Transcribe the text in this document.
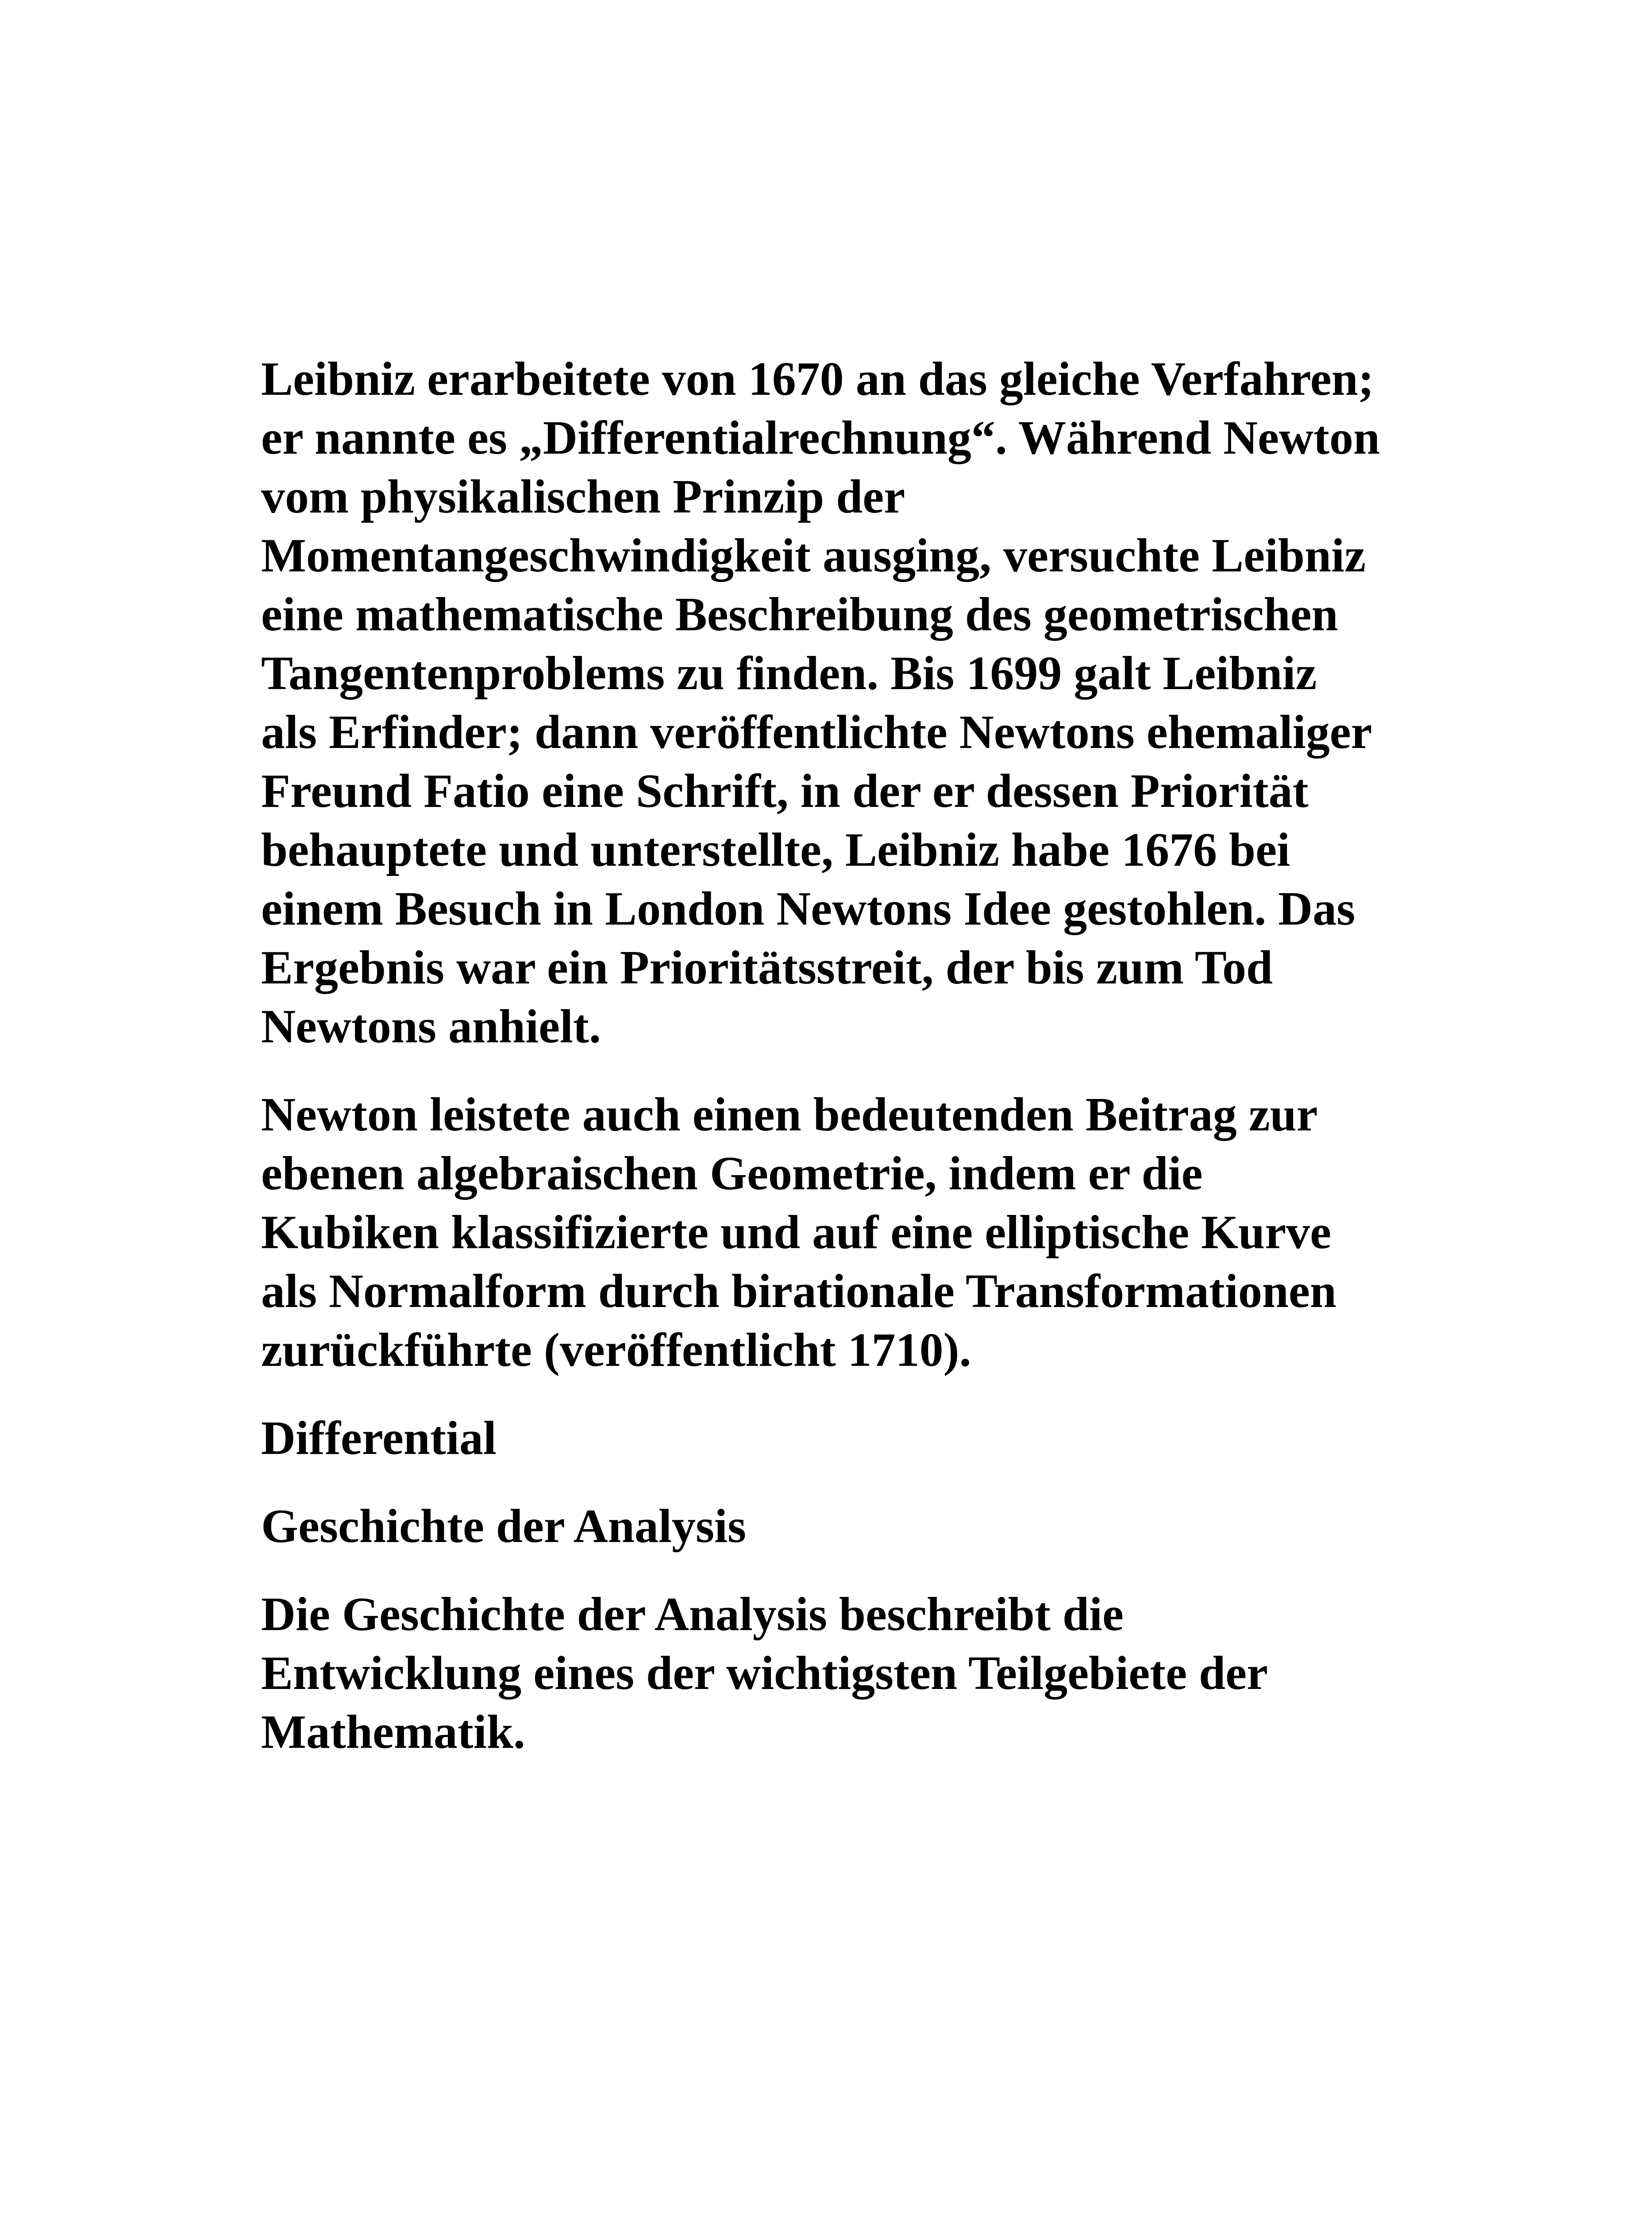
Leibniz erarbeitete von 1670 an das gleiche Verfahren;
er nannte es „Differentialrechnung“. Während Newton
vom physikalischen Prinzip der
Momentangeschwindigkeit ausging, versuchte Leibniz
eine mathematische Beschreibung des geometrischen
Tangentenproblems zu finden. Bis 1699 galt Leibniz
als Erfinder; dann veröffentlichte Newtons ehemaliger
Freund Fatio eine Schrift, in der er dessen Priorität
behauptete und unterstellte, Leibniz habe 1676 bei
einem Besuch in London Newtons Idee gestohlen. Das
Ergebnis war ein Prioritätsstreit, der bis zum Tod
Newtons anhielt.

Newton leistete auch einen bedeutenden Beitrag zur
ebenen algebraischen Geometrie, indem er die
Kubiken klassifizierte und auf eine elliptische Kurve
als Normalform durch birationale Transformationen
zurückführte (veröffentlicht 1710).

Differential

Geschichte der Analysis

Die Geschichte der Analysis beschreibt die
Entwicklung eines der wichtigsten Teilgebiete der
Mathematik.
